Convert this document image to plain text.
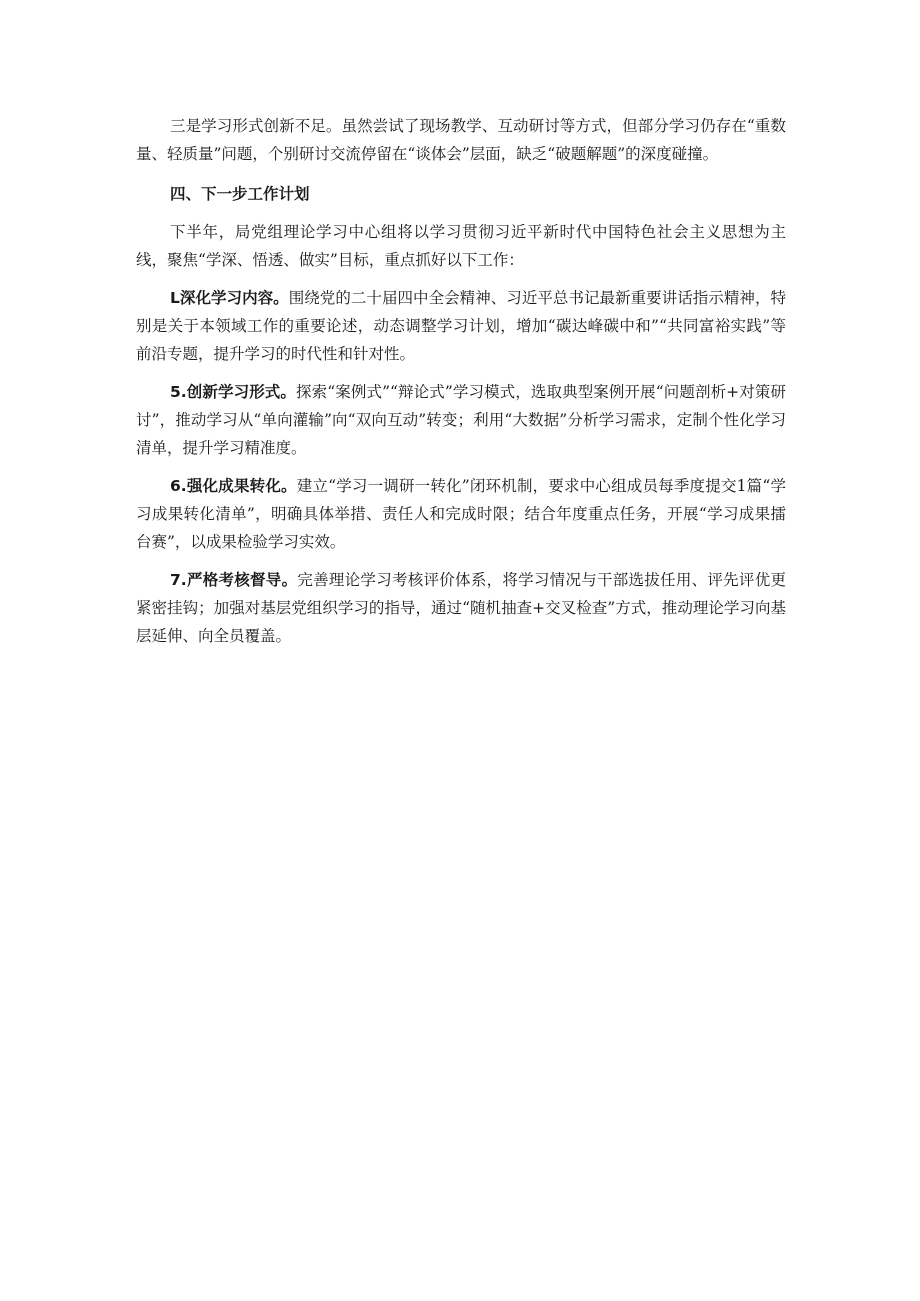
三是学习形式创新不足。虽然尝试了现场教学、互动研讨等方式，但部分学习仍存在“重数量、轻质量”问题，个别研讨交流停留在“谈体会”层面，缺乏“破题解题”的深度碰撞。

四、下一步工作计划

下半年，局党组理论学习中心组将以学习贯彻习近平新时代中国特色社会主义思想为主线，聚焦“学深、悟透、做实”目标，重点抓好以下工作：

L深化学习内容。围绕党的二十届四中全会精神、习近平总书记最新重要讲话指示精神，特别是关于本领域工作的重要论述，动态调整学习计划，增加“碳达峰碳中和”“共同富裕实践”等前沿专题，提升学习的时代性和针对性。

5.创新学习形式。探索“案例式”“辩论式”学习模式，选取典型案例开展“问题剖析+对策研讨”，推动学习从“单向灌输”向“双向互动”转变；利用“大数据”分析学习需求，定制个性化学习清单，提升学习精准度。

6.强化成果转化。建立“学习一调研一转化”闭环机制，要求中心组成员每季度提交1篇“学习成果转化清单”，明确具体举措、责任人和完成时限；结合年度重点任务，开展“学习成果擂台赛”，以成果检验学习实效。

7.严格考核督导。完善理论学习考核评价体系，将学习情况与干部选拔任用、评先评优更紧密挂钩；加强对基层党组织学习的指导，通过“随机抽查+交叉检查”方式，推动理论学习向基层延伸、向全员覆盖。
